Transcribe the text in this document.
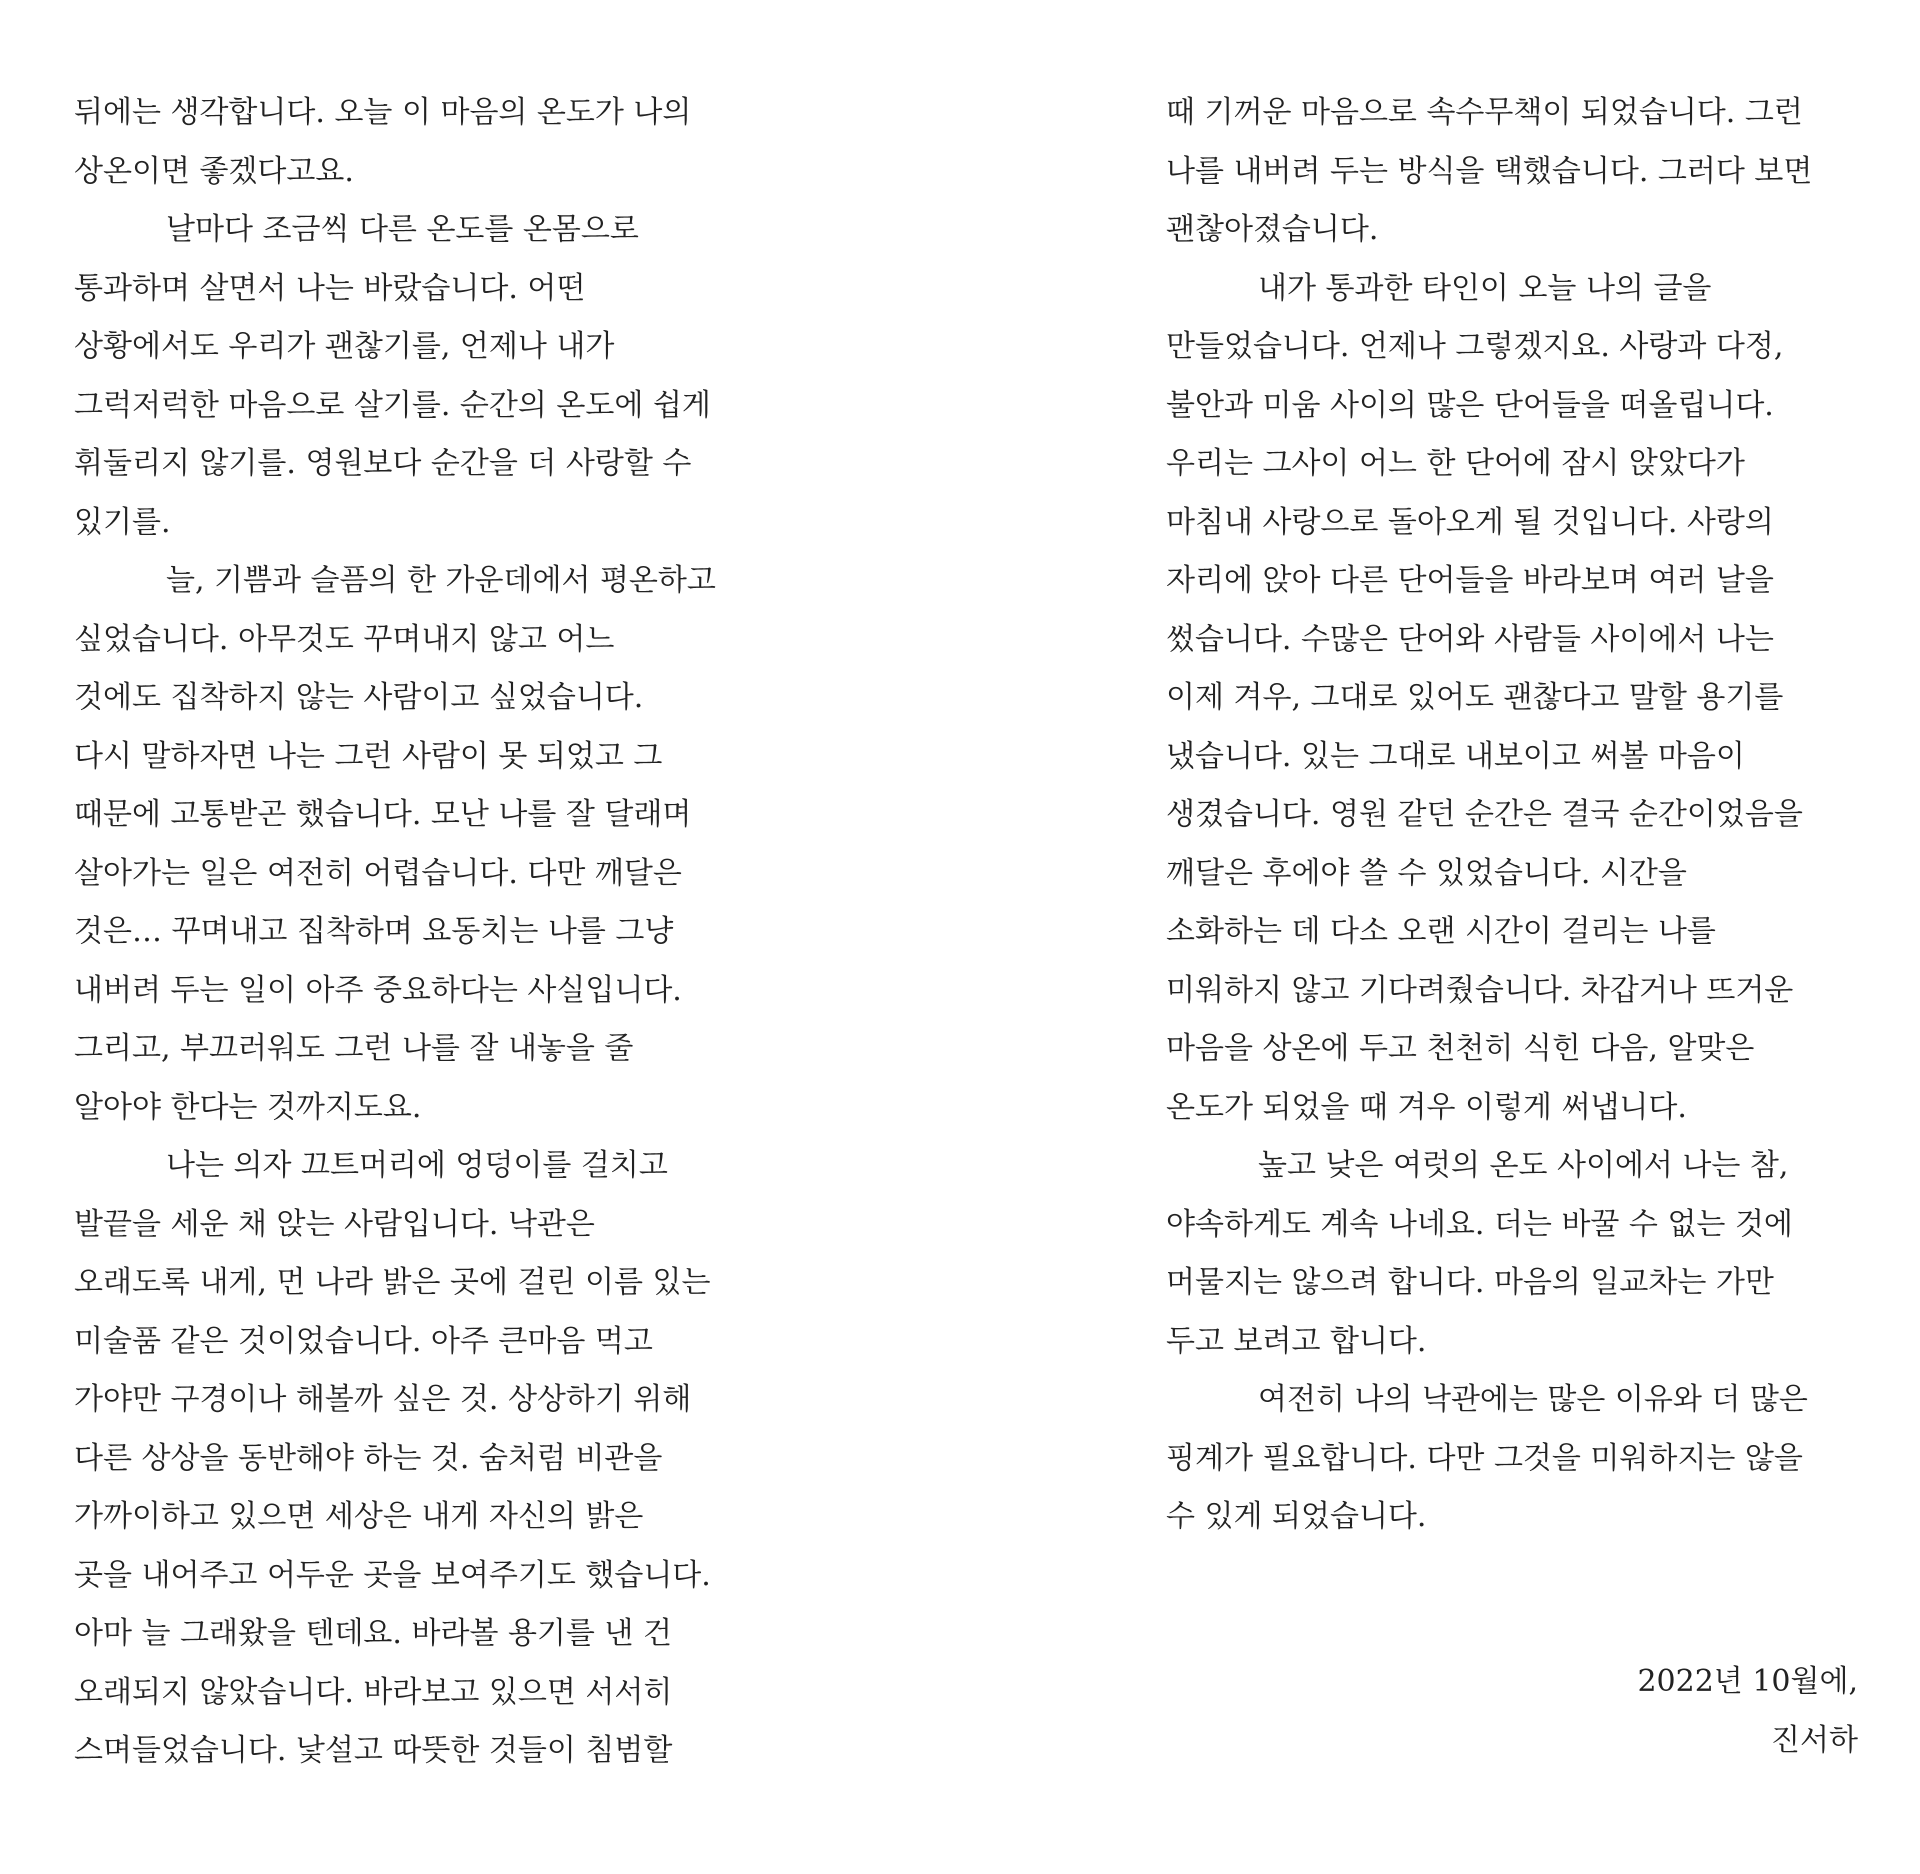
뒤에는 생각합니다. 오늘 이 마음의 온도가 나의
상온이면 좋겠다고요.
날마다 조금씩 다른 온도를 온몸으로
통과하며 살면서 나는 바랐습니다. 어떤
상황에서도 우리가 괜찮기를, 언제나 내가
그럭저럭한 마음으로 살기를. 순간의 온도에 쉽게
휘둘리지 않기를. 영원보다 순간을 더 사랑할 수
있기를.
늘, 기쁨과 슬픔의 한 가운데에서 평온하고
싶었습니다. 아무것도 꾸며내지 않고 어느
것에도 집착하지 않는 사람이고 싶었습니다.
다시 말하자면 나는 그런 사람이 못 되었고 그
때문에 고통받곤 했습니다. 모난 나를 잘 달래며
살아가는 일은 여전히 어렵습니다. 다만 깨달은
것은… 꾸며내고 집착하며 요동치는 나를 그냥
내버려 두는 일이 아주 중요하다는 사실입니다.
그리고, 부끄러워도 그런 나를 잘 내놓을 줄
알아야 한다는 것까지도요.
나는 의자 끄트머리에 엉덩이를 걸치고
발끝을 세운 채 앉는 사람입니다. 낙관은
오래도록 내게, 먼 나라 밝은 곳에 걸린 이름 있는
미술품 같은 것이었습니다. 아주 큰마음 먹고
가야만 구경이나 해볼까 싶은 것. 상상하기 위해
다른 상상을 동반해야 하는 것. 숨처럼 비관을
가까이하고 있으면 세상은 내게 자신의 밝은
곳을 내어주고 어두운 곳을 보여주기도 했습니다.
아마 늘 그래왔을 텐데요. 바라볼 용기를 낸 건
오래되지 않았습니다. 바라보고 있으면 서서히
스며들었습니다. 낯설고 따뜻한 것들이 침범할
때 기꺼운 마음으로 속수무책이 되었습니다. 그런
나를 내버려 두는 방식을 택했습니다. 그러다 보면
괜찮아졌습니다.
내가 통과한 타인이 오늘 나의 글을
만들었습니다. 언제나 그렇겠지요. 사랑과 다정,
불안과 미움 사이의 많은 단어들을 떠올립니다.
우리는 그사이 어느 한 단어에 잠시 앉았다가
마침내 사랑으로 돌아오게 될 것입니다. 사랑의
자리에 앉아 다른 단어들을 바라보며 여러 날을
썼습니다. 수많은 단어와 사람들 사이에서 나는
이제 겨우, 그대로 있어도 괜찮다고 말할 용기를
냈습니다. 있는 그대로 내보이고 써볼 마음이
생겼습니다. 영원 같던 순간은 결국 순간이었음을
깨달은 후에야 쓸 수 있었습니다. 시간을
소화하는 데 다소 오랜 시간이 걸리는 나를
미워하지 않고 기다려줬습니다. 차갑거나 뜨거운
마음을 상온에 두고 천천히 식힌 다음, 알맞은
온도가 되었을 때 겨우 이렇게 써냅니다.
높고 낮은 여럿의 온도 사이에서 나는 참,
야속하게도 계속 나네요. 더는 바꿀 수 없는 것에
머물지는 않으려 합니다. 마음의 일교차는 가만
두고 보려고 합니다.
여전히 나의 낙관에는 많은 이유와 더 많은
핑계가 필요합니다. 다만 그것을 미워하지는 않을
수 있게 되었습니다.
2022년 10월에,
진서하
